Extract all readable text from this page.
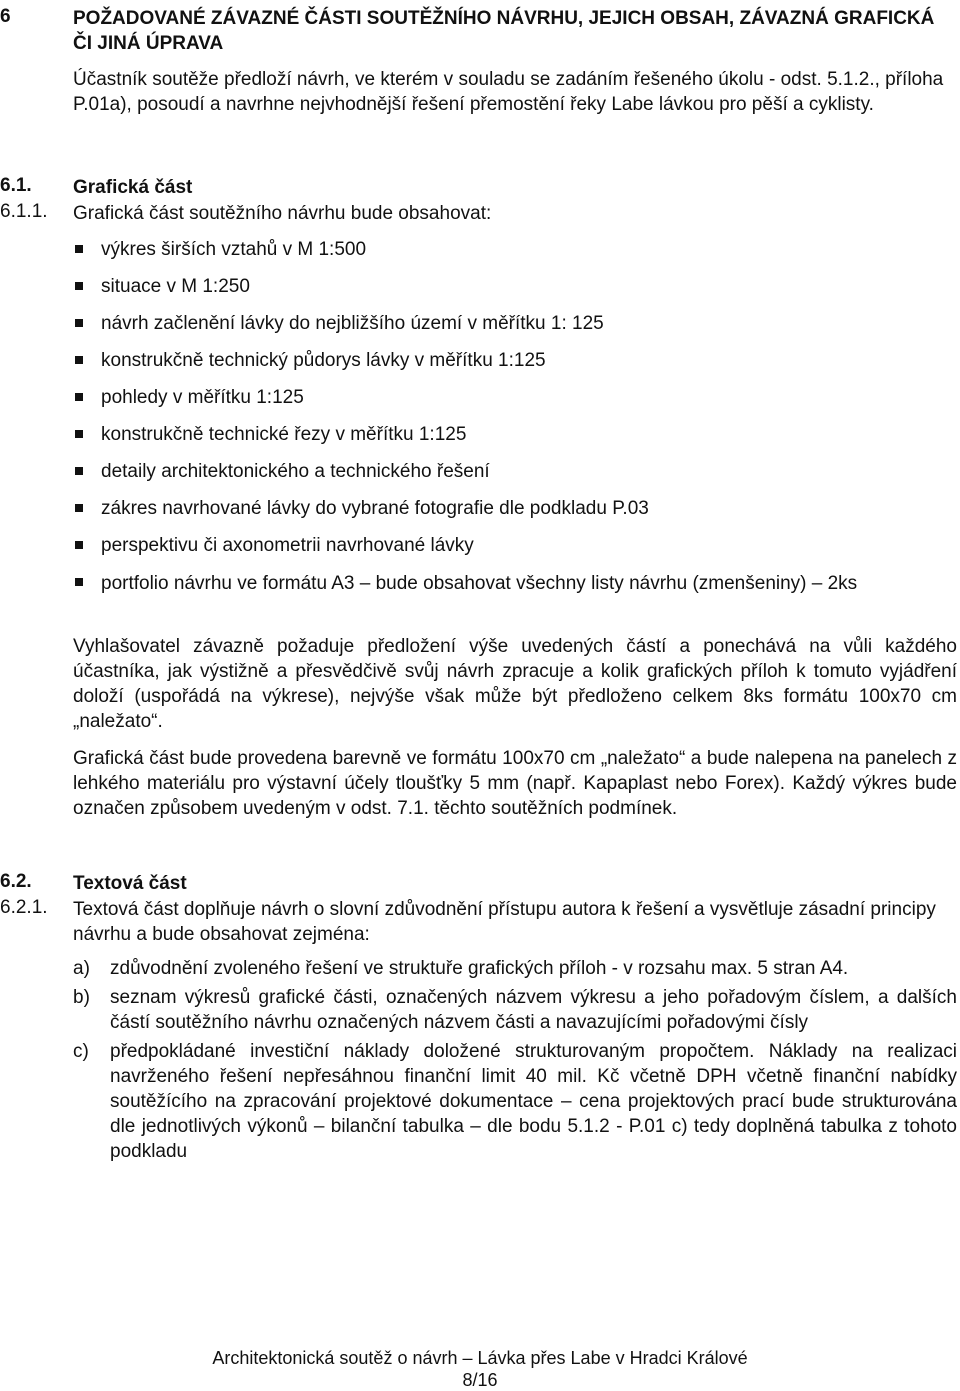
6	POŽADOVANÉ ZÁVAZNÉ ČÁSTI SOUTĚŽNÍHO NÁVRHU, JEJICH OBSAH, ZÁVAZNÁ GRAFICKÁ ČI JINÁ ÚPRAVA
Účastník soutěže předloží návrh, ve kterém v souladu se zadáním řešeného úkolu - odst. 5.1.2., příloha P.01a), posoudí a navrhne nejvhodnější řešení přemostění řeky Labe lávkou pro pěší a cyklisty.
6.1. Grafická část
6.1.1. Grafická část soutěžního návrhu bude obsahovat:
výkres širších vztahů v M 1:500
situace v M 1:250
návrh začlenění lávky do nejbližšího území v měřítku 1: 125
konstrukčně technický půdorys lávky v měřítku 1:125
pohledy v měřítku 1:125
konstrukčně technické řezy v měřítku 1:125
detaily architektonického a technického řešení
zákres navrhované lávky do vybrané fotografie dle podkladu P.03
perspektivu či axonometrii navrhované lávky
portfolio návrhu ve formátu A3 – bude obsahovat všechny listy návrhu (zmenšeniny) – 2ks
Vyhlašovatel závazně požaduje předložení výše uvedených částí a ponechává na vůli každého účastníka, jak výstižně a přesvědčivě svůj návrh zpracuje a kolik grafických příloh k tomuto vyjádření doloží (uspořádá na výkrese), nejvýše však může být předloženo celkem 8ks formátu 100x70 cm „naležato“.
Grafická část bude provedena barevně ve formátu 100x70 cm „naležato“ a bude nalepena na panelech z lehkého materiálu pro výstavní účely tloušťky 5 mm (např. Kapaplast nebo Forex). Každý výkres bude označen způsobem uvedeným v odst. 7.1. těchto soutěžních podmínek.
6.2. Textová část
6.2.1. Textová část doplňuje návrh o slovní zdůvodnění přístupu autora k řešení a vysvětluje zásadní principy návrhu a bude obsahovat zejména:
a) zdůvodnění zvoleného řešení ve struktuře grafických příloh - v rozsahu max. 5 stran A4.
b) seznam výkresů grafické části, označených názvem výkresu a jeho pořadovým číslem, a dalších částí soutěžního návrhu označených názvem části a navazujícími pořadovými čísly
c) předpokládané investiční náklady doložené strukturovaným propočtem. Náklady na realizaci navrženého řešení nepřesáhnou finanční limit 40 mil. Kč včetně DPH včetně finanční nabídky soutěžícího na zpracování projektové dokumentace – cena projektových prací bude strukturována dle jednotlivých výkonů – bilanční tabulka – dle bodu 5.1.2 - P.01 c) tedy doplněná tabulka z tohoto podkladu
Architektonická soutěž o návrh – Lávka přes Labe v Hradci Králové
8/16
